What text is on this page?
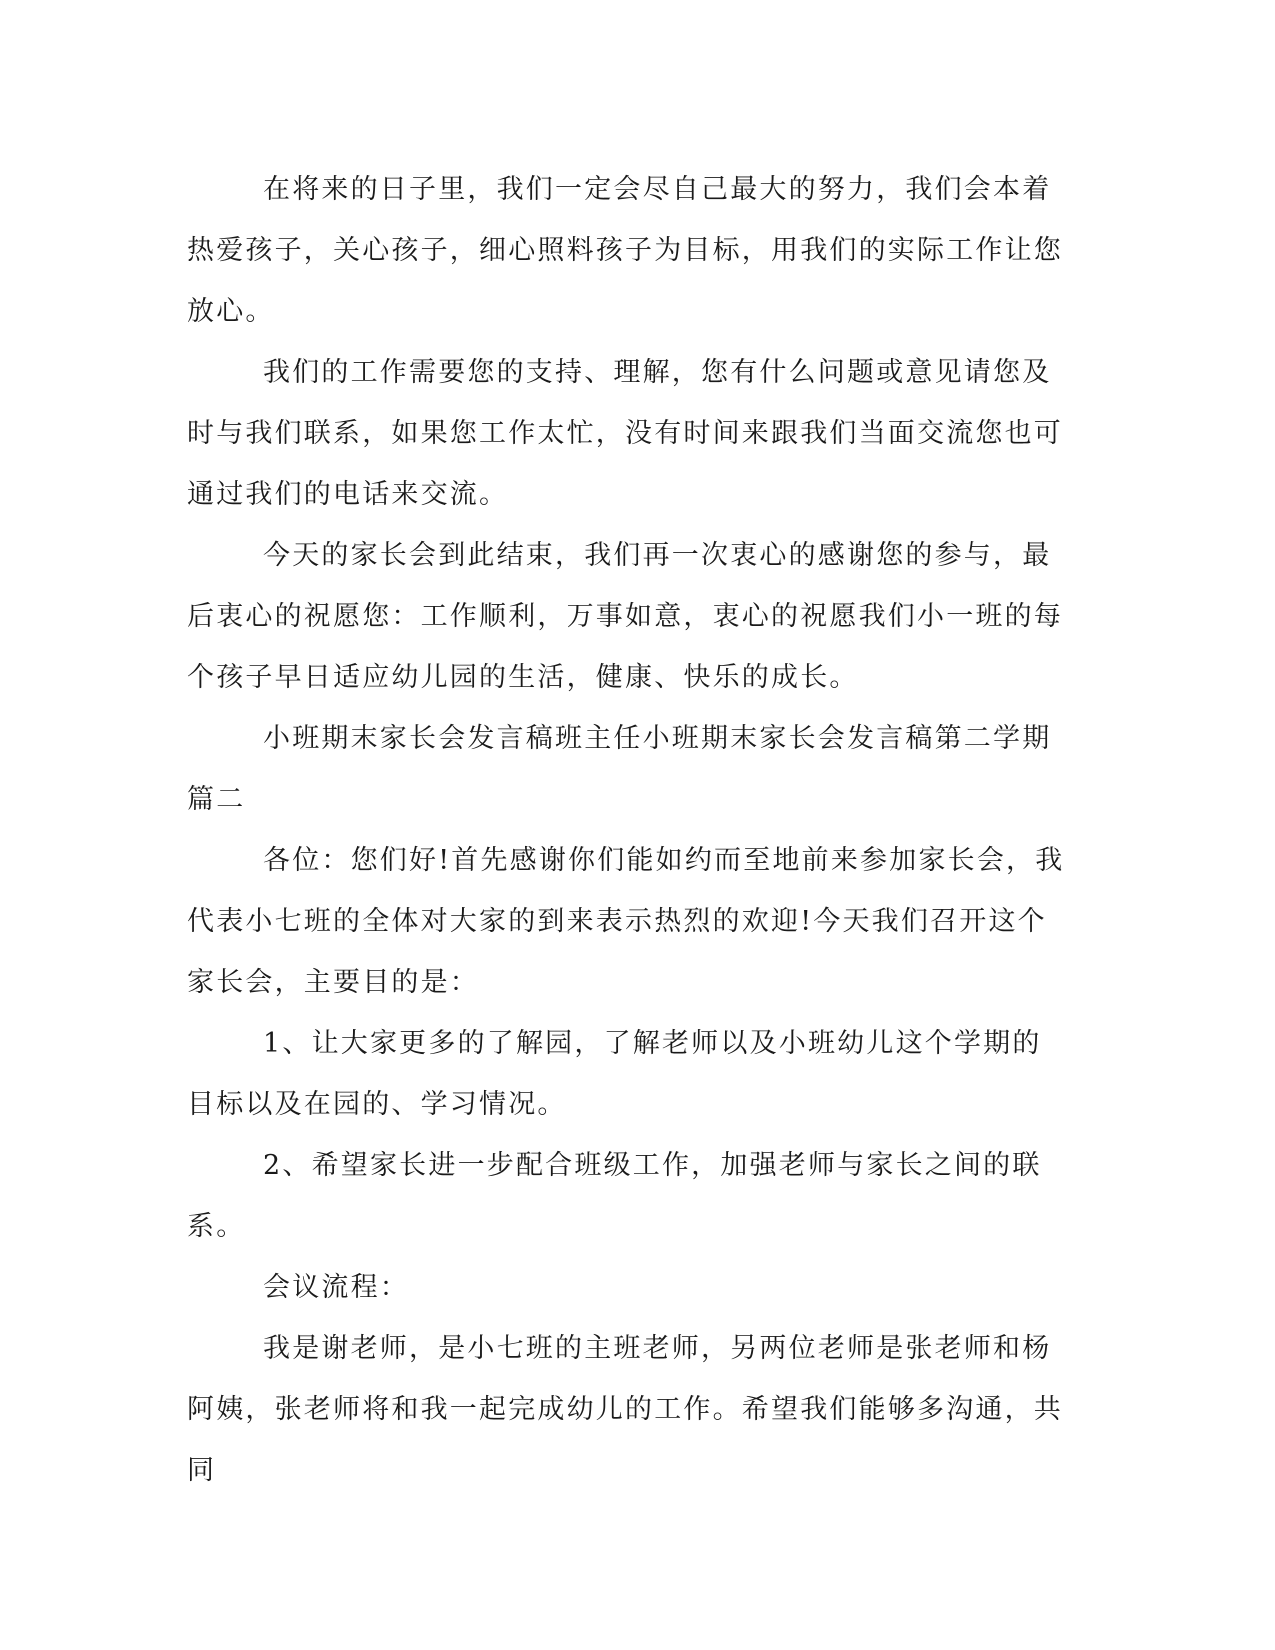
在将来的日子里，我们一定会尽自己最大的努力，我们会本着热爱孩子，关心孩子，细心照料孩子为目标，用我们的实际工作让您放心。

我们的工作需要您的支持、理解，您有什么问题或意见请您及时与我们联系，如果您工作太忙，没有时间来跟我们当面交流您也可通过我们的电话来交流。

今天的家长会到此结束，我们再一次衷心的感谢您的参与，最后衷心的祝愿您：工作顺利，万事如意，衷心的祝愿我们小一班的每个孩子早日适应幼儿园的生活，健康、快乐的成长。

小班期末家长会发言稿班主任小班期末家长会发言稿第二学期篇二

各位：您们好!首先感谢你们能如约而至地前来参加家长会，我代表小七班的全体对大家的到来表示热烈的欢迎!今天我们召开这个家长会，主要目的是：

1、让大家更多的了解园，了解老师以及小班幼儿这个学期的目标以及在园的、学习情况。

2、希望家长进一步配合班级工作，加强老师与家长之间的联系。

会议流程：

我是谢老师，是小七班的主班老师，另两位老师是张老师和杨阿姨，张老师将和我一起完成幼儿的工作。希望我们能够多沟通，共同
